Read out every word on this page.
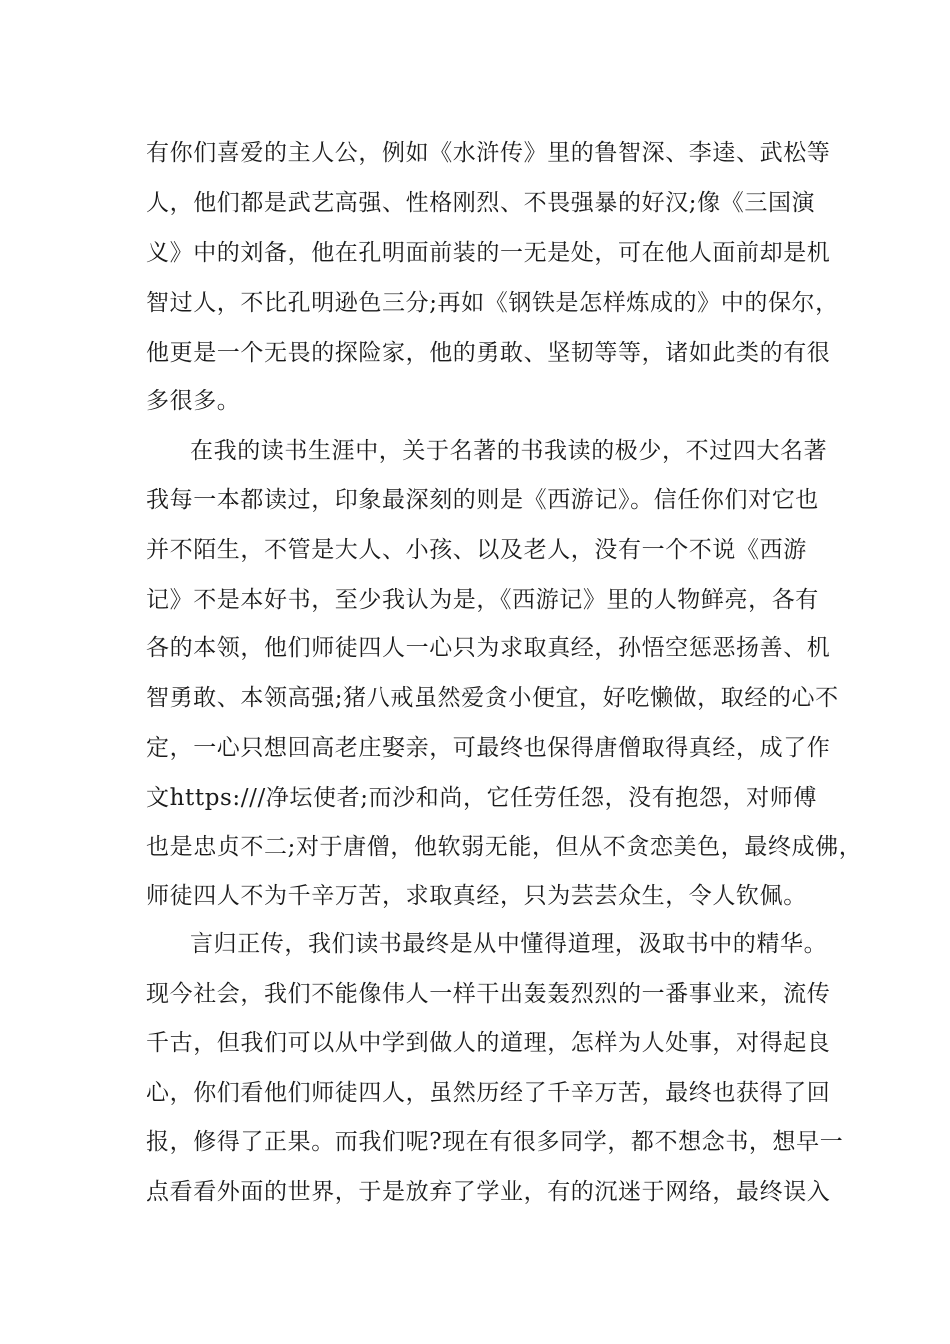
有你们喜爱的主人公，例如《水浒传》里的鲁智深、李逵、武松等
人，他们都是武艺高强、性格刚烈、不畏强暴的好汉;像《三国演
义》中的刘备，他在孔明面前装的一无是处，可在他人面前却是机
智过人，不比孔明逊色三分;再如《钢铁是怎样炼成的》中的保尔，
他更是一个无畏的探险家，他的勇敢、坚韧等等，诸如此类的有很
多很多。
在我的读书生涯中，关于名著的书我读的极少，不过四大名著
我每一本都读过，印象最深刻的则是《西游记》。信任你们对它也
并不陌生，不管是大人、小孩、以及老人，没有一个不说《西游
记》不是本好书，至少我认为是，《西游记》里的人物鲜亮，各有
各的本领，他们师徒四人一心只为求取真经，孙悟空惩恶扬善、机
智勇敢、本领高强;猪八戒虽然爱贪小便宜，好吃懒做，取经的心不
定，一心只想回高老庄娶亲，可最终也保得唐僧取得真经，成了作
文https:///净坛使者;而沙和尚，它任劳任怨，没有抱怨，对师傅
也是忠贞不二;对于唐僧，他软弱无能，但从不贪恋美色，最终成佛，
师徒四人不为千辛万苦，求取真经，只为芸芸众生，令人钦佩。
言归正传，我们读书最终是从中懂得道理，汲取书中的精华。
现今社会，我们不能像伟人一样干出轰轰烈烈的一番事业来，流传
千古，但我们可以从中学到做人的道理，怎样为人处事，对得起良
心，你们看他们师徒四人，虽然历经了千辛万苦，最终也获得了回
报，修得了正果。而我们呢?现在有很多同学，都不想念书，想早一
点看看外面的世界，于是放弃了学业，有的沉迷于网络，最终误入
